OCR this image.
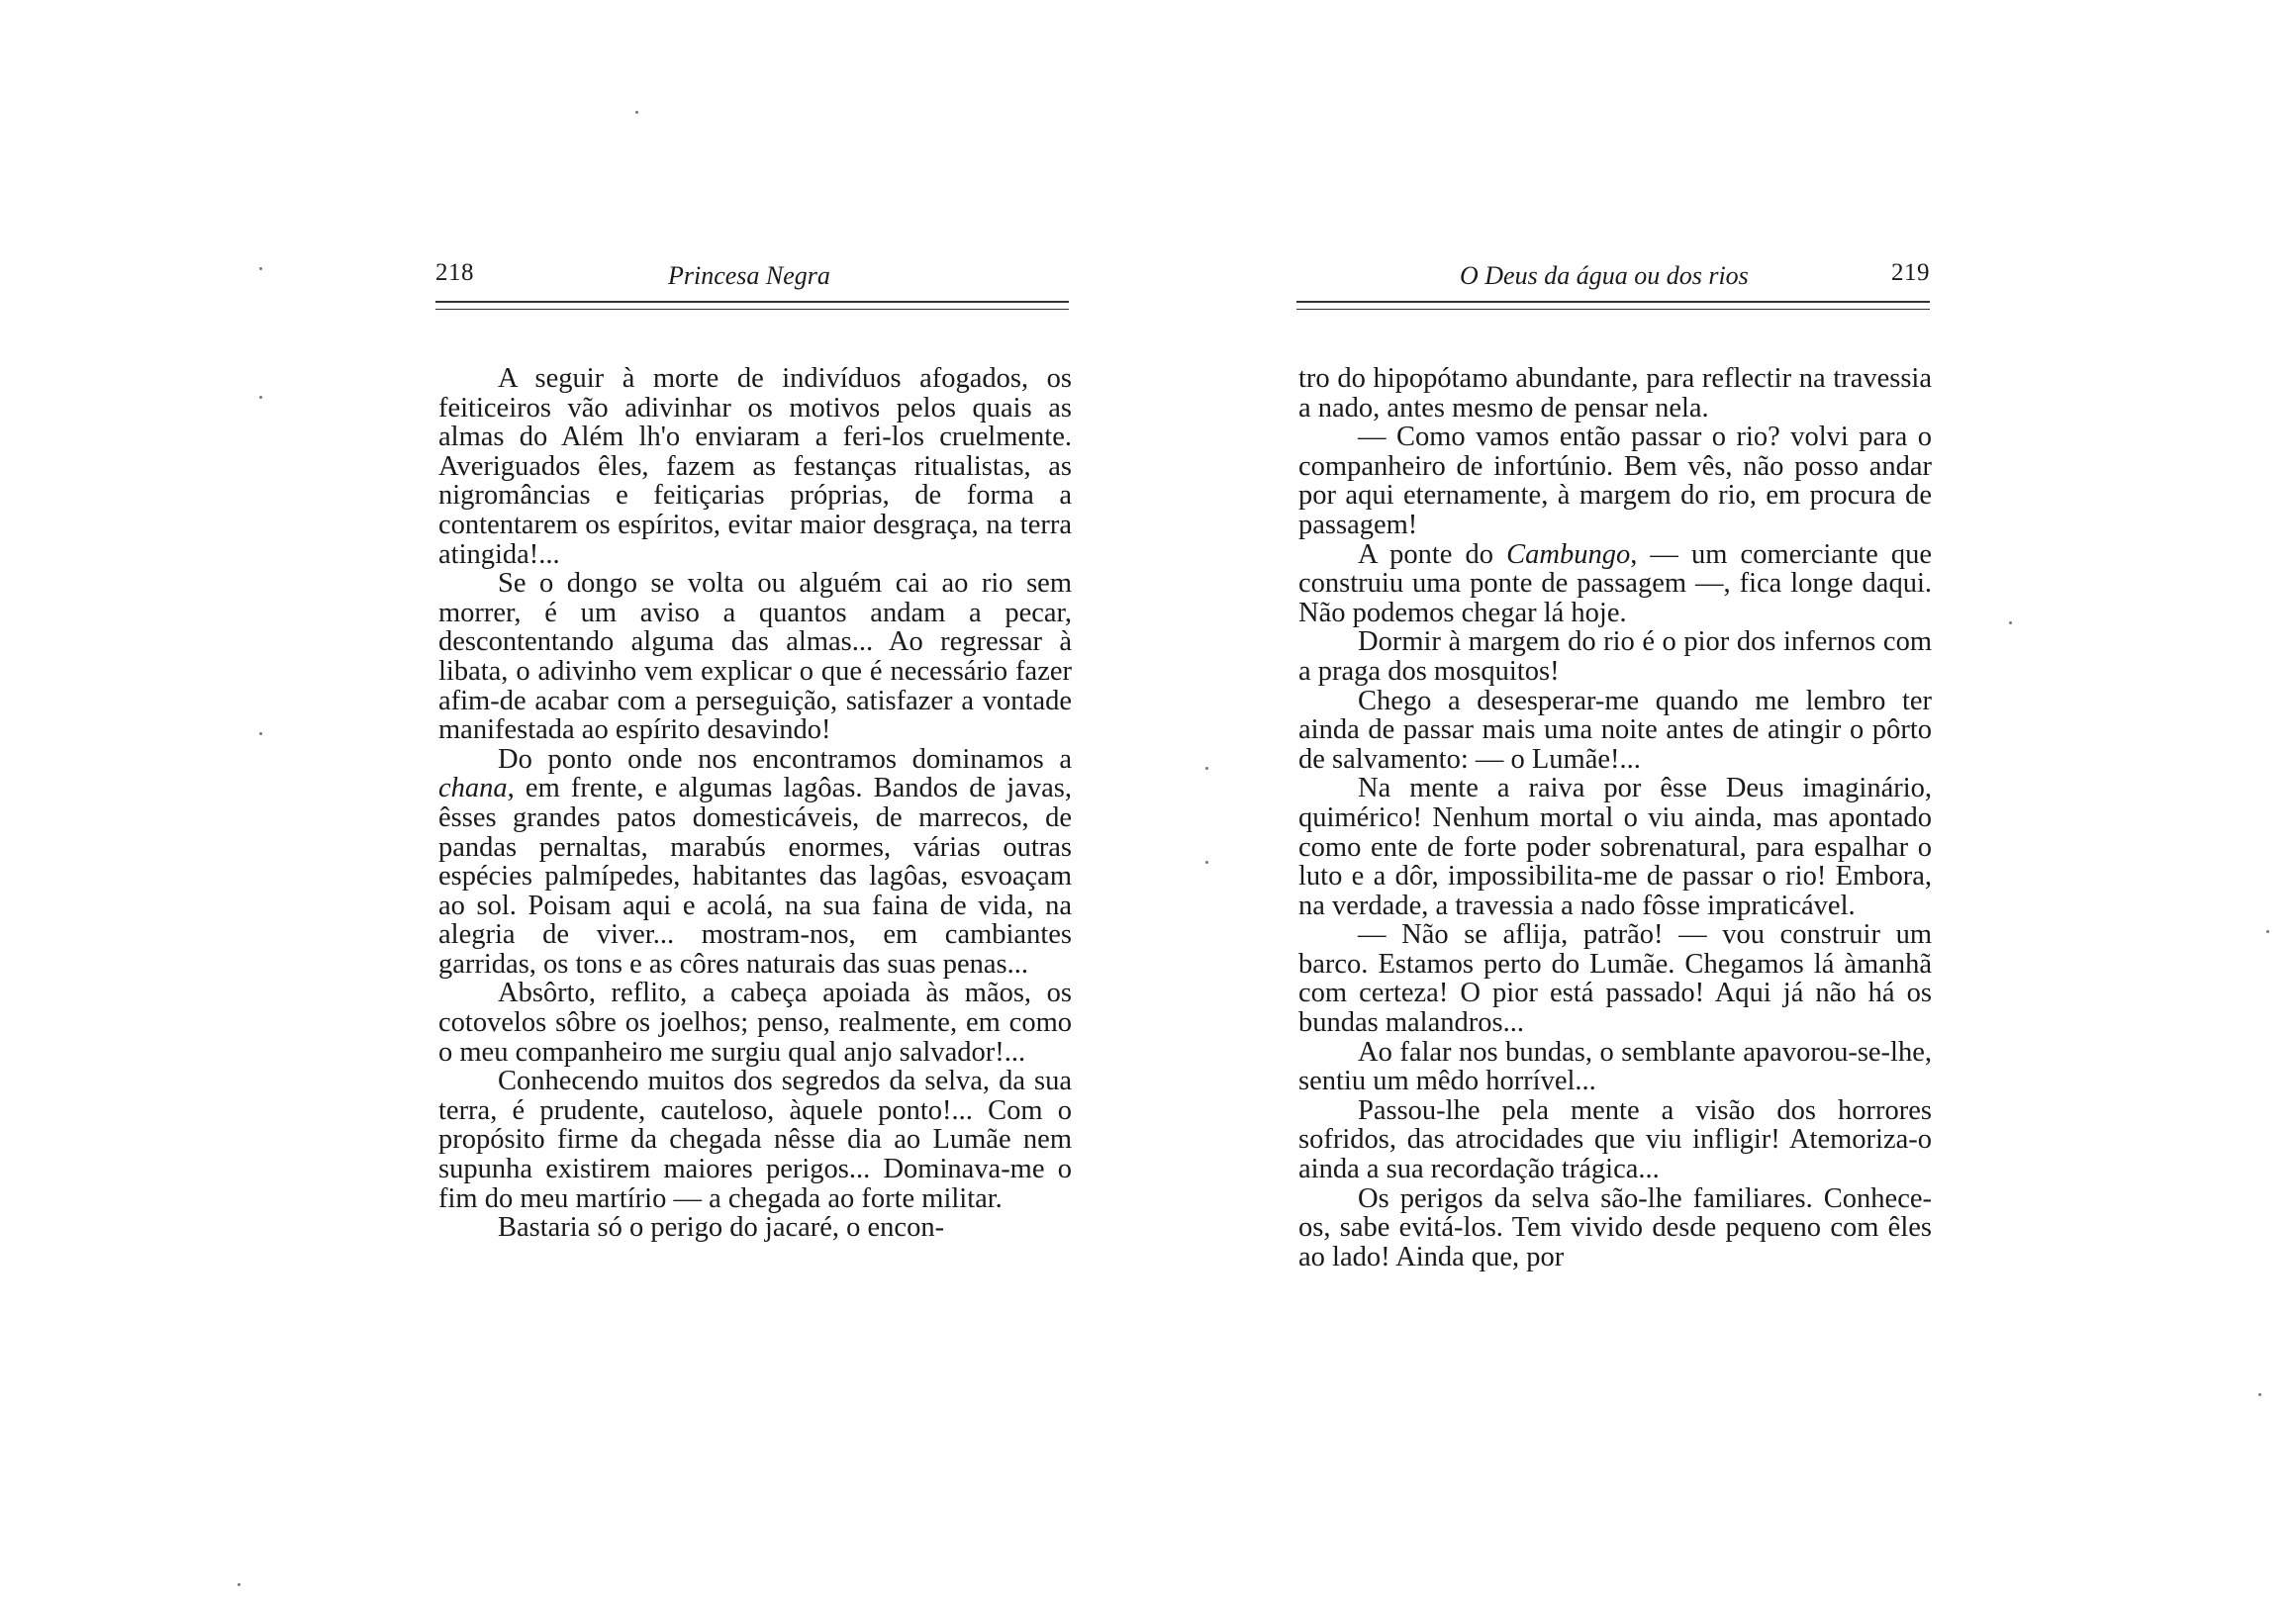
218	Princesa Negra

A seguir à morte de indivíduos afogados, os feiticeiros vão adivinhar os motivos pelos quais as almas do Além lh'o enviaram a feri-los cruelmente. Averiguados êles, fazem as festanças ritualistas, as nigromâncias e feitiçarias próprias, de forma a contentarem os espíritos, evitar maior desgraça, na terra atingida!...

Se o dongo se volta ou alguém cai ao rio sem morrer, é um aviso a quantos andam a pecar, descontentando alguma das almas... Ao regressar à libata, o adivinho vem explicar o que é necessário fazer afim-de acabar com a perseguição, satisfazer a vontade manifestada ao espírito desavindo!

Do ponto onde nos encontramos dominamos a chana, em frente, e algumas lagôas. Bandos de javas, êsses grandes patos domesticáveis, de marrecos, de pandas pernaltas, marabús enormes, várias outras espécies palmípedes, habitantes das lagôas, esvoaçam ao sol. Poisam aqui e acolá, na sua faina de vida, na alegria de viver... mostram-nos, em cambiantes garridas, os tons e as côres naturais das suas penas...

Absôrto, reflito, a cabeça apoiada às mãos, os cotovelos sôbre os joelhos; penso, realmente, em como o meu companheiro me surgiu qual anjo salvador!...

Conhecendo muitos dos segredos da selva, da sua terra, é prudente, cauteloso, àquele ponto!... Com o propósito firme da chegada nêsse dia ao Lumãe nem supunha existirem maiores perigos... Dominava-me o fim do meu martírio — a chegada ao forte militar.

Bastaria só o perigo do jacaré, o encon-

O Deus da água ou dos rios	219

tro do hipopótamo abundante, para reflectir na travessia a nado, antes mesmo de pensar nela.

— Como vamos então passar o rio? volvi para o companheiro de infortúnio. Bem vês, não posso andar por aqui eternamente, à margem do rio, em procura de passagem!

A ponte do Cambungo, — um comerciante que construiu uma ponte de passagem —, fica longe daqui. Não podemos chegar lá hoje.

Dormir à margem do rio é o pior dos infernos com a praga dos mosquitos!

Chego a desesperar-me quando me lembro ter ainda de passar mais uma noite antes de atingir o pôrto de salvamento: — o Lumãe!...

Na mente a raiva por êsse Deus imaginário, quimérico! Nenhum mortal o viu ainda, mas apontado como ente de forte poder sobrenatural, para espalhar o luto e a dôr, impossibilita-me de passar o rio! Embora, na verdade, a travessia a nado fôsse impraticável.

— Não se aflija, patrão! — vou construir um barco. Estamos perto do Lumãe. Chegamos lá àmanhã com certeza! O pior está passado! Aqui já não há os bundas malandros...

Ao falar nos bundas, o semblante apavorou-se-lhe, sentiu um mêdo horrível...

Passou-lhe pela mente a visão dos horrores sofridos, das atrocidades que viu infligir! Atemoriza-o ainda a sua recordação trágica...

Os perigos da selva são-lhe familiares. Conhece-os, sabe evitá-los. Tem vivido desde pequeno com êles ao lado! Ainda que, por
